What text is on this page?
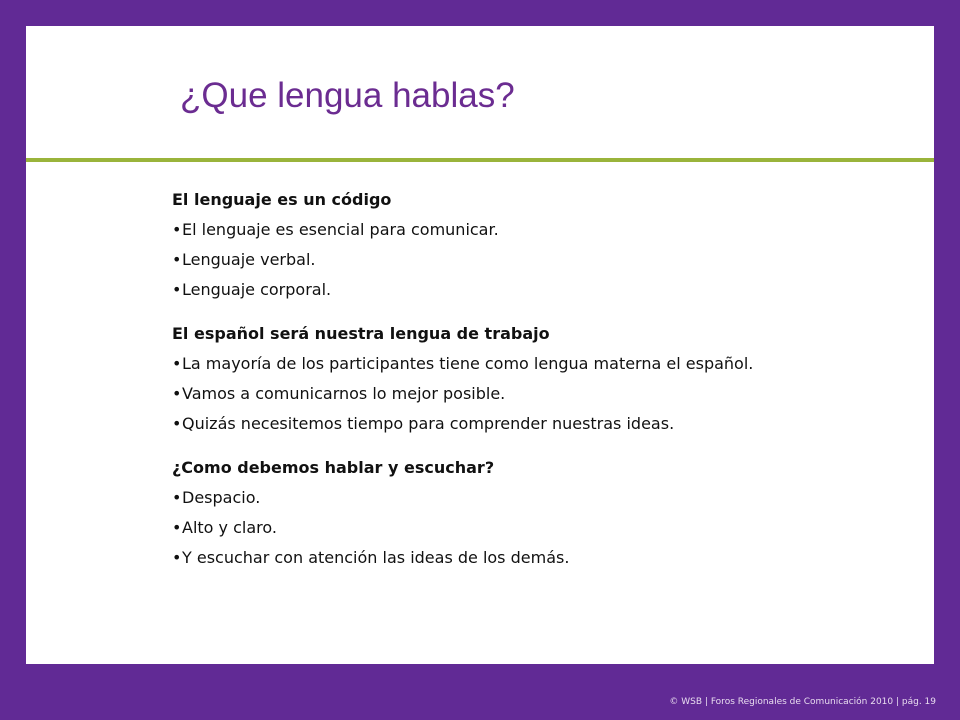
¿Que lengua hablas?
El lenguaje es un código
•El lenguaje es esencial para comunicar.
•Lenguaje verbal.
•Lenguaje corporal.
El español será nuestra lengua de trabajo
•La mayoría de los participantes tiene como lengua materna el español.
•Vamos a comunicarnos lo mejor posible.
•Quizás necesitemos tiempo para comprender nuestras ideas.
¿Como debemos hablar y escuchar?
•Despacio.
•Alto y claro.
•Y escuchar con atención las ideas de los demás.
© WSB | Foros Regionales de Comunicación 2010 | pág. 19
